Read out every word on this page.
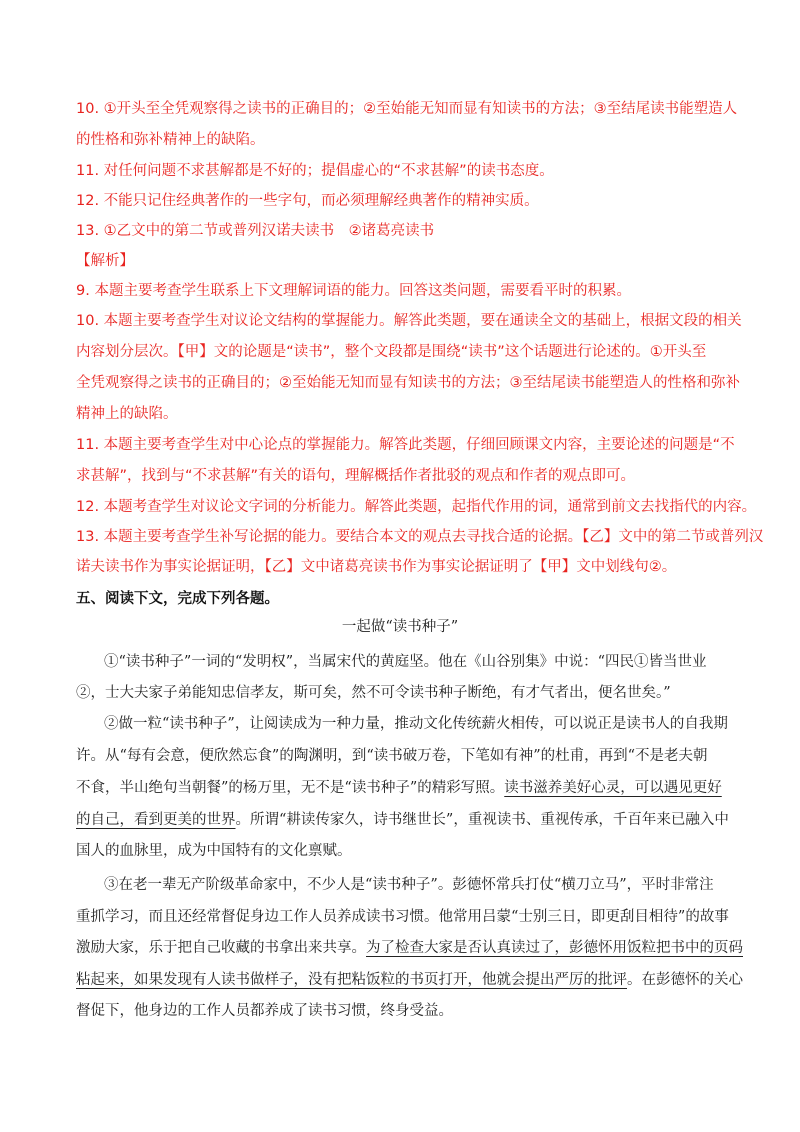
10. ①开头至全凭观察得之读书的正确目的；②至始能无知而显有知读书的方法；③至结尾读书能塑造人
的性格和弥补精神上的缺陷。
11. 对任何问题不求甚解都是不好的；提倡虚心的“不求甚解”的读书态度。
12. 不能只记住经典著作的一些字句，而必须理解经典著作的精神实质。
13. ①乙文中的第二节或普列汉诺夫读书　②诸葛亮读书
【解析】
9. 本题主要考查学生联系上下文理解词语的能力。回答这类问题，需要看平时的积累。
10. 本题主要考查学生对议论文结构的掌握能力。解答此类题，要在通读全文的基础上，根据文段的相关
内容划分层次。【甲】文的论题是“读书”，整个文段都是围绕“读书”这个话题进行论述的。①开头至
全凭观察得之读书的正确目的；②至始能无知而显有知读书的方法；③至结尾读书能塑造人的性格和弥补
精神上的缺陷。
11. 本题主要考查学生对中心论点的掌握能力。解答此类题，仔细回顾课文内容，主要论述的问题是“不
求甚解”，找到与“不求甚解”有关的语句，理解概括作者批驳的观点和作者的观点即可。
12. 本题考查学生对议论文字词的分析能力。解答此类题，起指代作用的词，通常到前文去找指代的内容。
13. 本题主要考查学生补写论据的能力。要结合本文的观点去寻找合适的论据。【乙】文中的第二节或普列汉
诺夫读书作为事实论据证明，【乙】文中诸葛亮读书作为事实论据证明了【甲】文中划线句②。
五、阅读下文，完成下列各题。
一起做“读书种子”
①“读书种子”一词的“发明权”，当属宋代的黄庭坚。他在《山谷别集》中说：“四民①皆当世业
②，士大夫家子弟能知忠信孝友，斯可矣，然不可令读书种子断绝，有才气者出，便名世矣。”
②做一粒“读书种子”，让阅读成为一种力量，推动文化传统薪火相传，可以说正是读书人的自我期
许。从“每有会意，便欣然忘食”的陶渊明，到“读书破万卷，下笔如有神”的杜甫，再到“不是老夫朝
不食，半山绝句当朝餐”的杨万里，无不是“读书种子”的精彩写照。读书滋养美好心灵，可以遇见更好
的自己，看到更美的世界。所谓“耕读传家久，诗书继世长”，重视读书、重视传承，千百年来已融入中
国人的血脉里，成为中国特有的文化禀赋。
③在老一辈无产阶级革命家中，不少人是“读书种子”。彭德怀常兵打仗“横刀立马”，平时非常注
重抓学习，而且还经常督促身边工作人员养成读书习惯。他常用吕蒙“士别三日，即更刮目相待”的故事
激励大家，乐于把自己收藏的书拿出来共享。为了检查大家是否认真读过了，彭德怀用饭粒把书中的页码
粘起来，如果发现有人读书做样子，没有把粘饭粒的书页打开，他就会提出严厉的批评。在彭德怀的关心
督促下，他身边的工作人员都养成了读书习惯，终身受益。
